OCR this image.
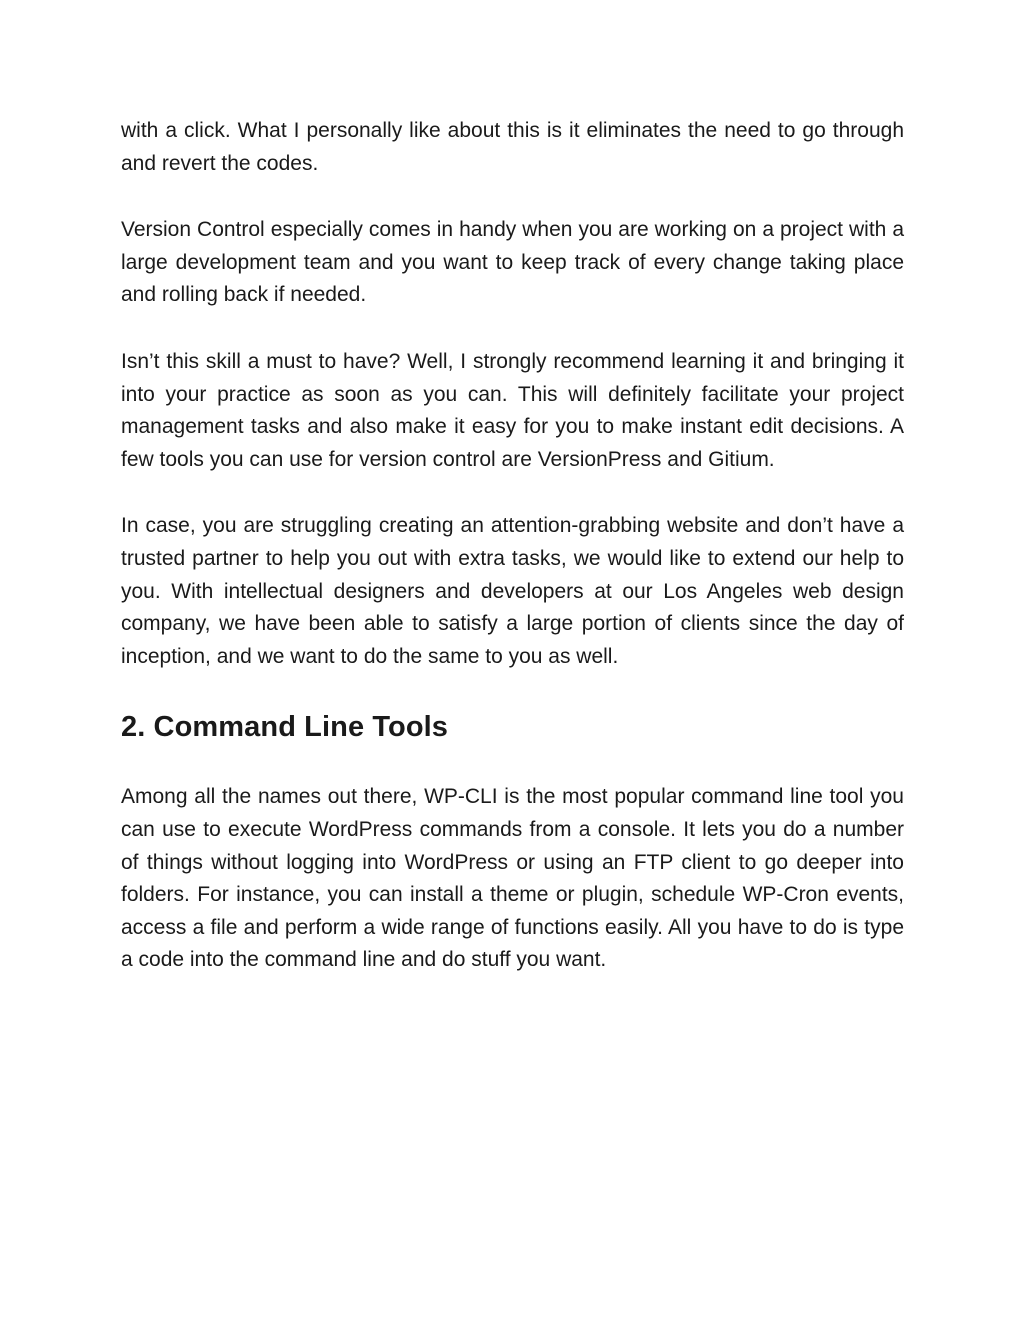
with a click. What I personally like about this is it eliminates the need to go through and revert the codes.

Version Control especially comes in handy when you are working on a project with a large development team and you want to keep track of every change taking place and rolling back if needed.

Isn’t this skill a must to have? Well, I strongly recommend learning it and bringing it into your practice as soon as you can. This will definitely facilitate your project management tasks and also make it easy for you to make instant edit decisions. A few tools you can use for version control are VersionPress and Gitium.

In case, you are struggling creating an attention-grabbing website and don’t have a trusted partner to help you out with extra tasks, we would like to extend our help to you. With intellectual designers and developers at our Los Angeles web design company, we have been able to satisfy a large portion of clients since the day of inception, and we want to do the same to you as well.

2. Command Line Tools

Among all the names out there, WP-CLI is the most popular command line tool you can use to execute WordPress commands from a console. It lets you do a number of things without logging into WordPress or using an FTP client to go deeper into folders. For instance, you can install a theme or plugin, schedule WP-Cron events, access a file and perform a wide range of functions easily. All you have to do is type a code into the command line and do stuff you want.
